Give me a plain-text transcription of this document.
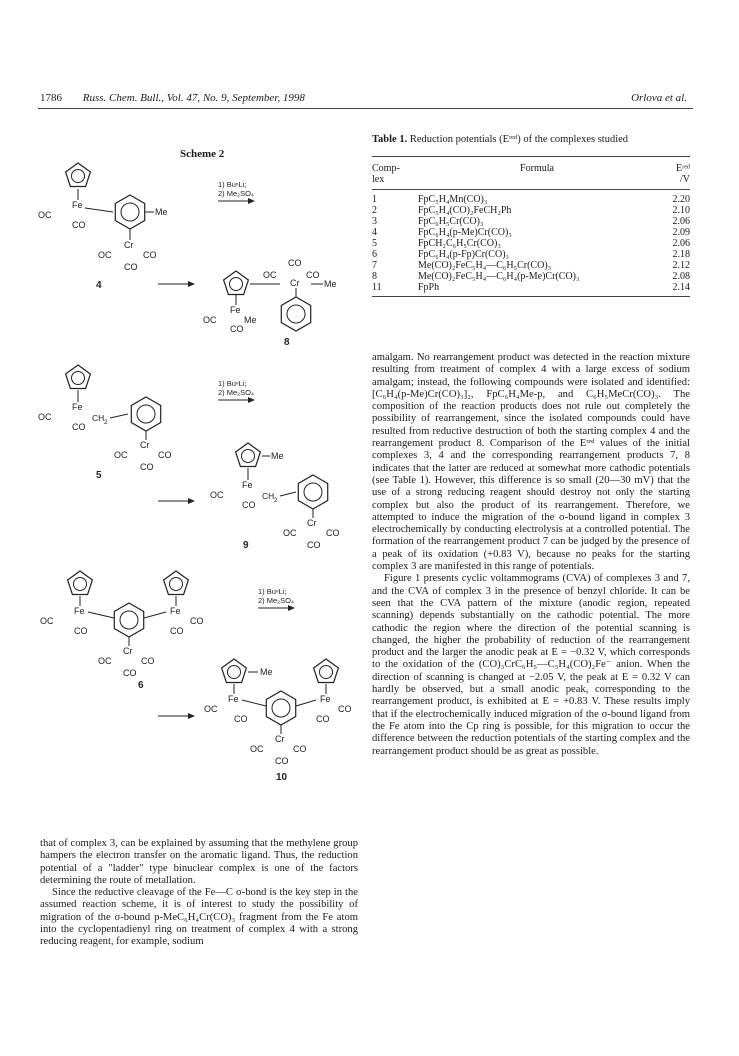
1786 Russ. Chem. Bull., Vol. 47, No. 9, September, 1998	Orlova et al.
Scheme 2
Fe
OC
CO
Me
Cr
OC	CO
CO
1) BuⁿLi;
2) Me₂SO₄
4
CO
OC	CO
Cr	Me
Fe
OC	Me
CO
8
Fe
OC
CO
CH 2
Cr
OC	CO
CO
1) BuⁿLi;
2) Me₂SO₄
5
Me
Fe
OC
CO
CH 2
Cr
OC	CO
CO
9
Fe	Fe
OC
CO
CO
CO
Cr
OC	CO
CO
1) BuⁿLi;
2) Me₂SO₄
6
Me
Fe	Fe
OC
CO
CO
CO
Cr
OC	CO
CO
10
Table 1. Reduction potentials (Eʳᵉᵈ) of the complexes studied
Comp-
lex	Formula	Eʳᵉᵈ
/V

1	FpC₅H₄Mn(CO)₃	2.20
2	FpC₅H₄(CO)₂FeCH₂Ph	2.10
3	FpC₆H₅Cr(CO)₃	2.06
4	FpC₆H₄(p-Me)Cr(CO)₃	2.09
5	FpCH₂C₆H₅Cr(CO)₃	2.06
6	FpC₆H₄(p-Fp)Cr(CO)₃	2.18
7	Me(CO)₂FeC₅H₄—C₆H₅Cr(CO)₃	2.12
8	Me(CO)₂FeC₅H₄—C₆H₄(p-Me)Cr(CO)₃	2.08
11	FpPh	2.14

amalgam. No rearrangement product was detected in the reaction mixture resulting from treatment of complex 4 with a large excess of sodium amalgam; instead, the following compounds were isolated and identified: [C₆H₄(p-Me)Cr(CO)₃]₂, FpC₆H₄Me-p, and C₆H₅MeCr(CO)₃. The composition of the reaction products does not rule out completely the possibility of rearrangement, since the isolated compounds could have resulted from reductive destruction of both the starting complex 4 and the rearrangement product 8. Comparison of the Eʳᵉᵈ values of the initial complexes 3, 4 and the corresponding rearrangement products 7, 8 indicates that the latter are reduced at somewhat more cathodic potentials (see Table 1). However, this difference is so small (20—30 mV) that the use of a strong reducing reagent should destroy not only the starting complex but also the product of its rearrangement. Therefore, we attempted to induce the migration of the σ-bound ligand in complex 3 electrochemically by conducting electrolysis at a controlled potential. The formation of the rearrangement product 7 can be judged by the presence of a peak of its oxidation (+0.83 V), because no peaks for the starting complex 3 are manifested in this range of potentials.

Figure 1 presents cyclic voltammograms (CVA) of complexes 3 and 7, and the CVA of complex 3 in the presence of benzyl chloride. It can be seen that the CVA pattern of the mixture (anodic region, repeated scanning) depends substantially on the cathodic potential. The more cathodic the region where the direction of the potential scanning is changed, the higher the probability of reduction of the rearrangement product and the larger the anodic peak at E = −0.32 V, which corresponds to the oxidation of the (CO)₃CrC₆H₅—C₅H₄(CO)₂Fe⁻ anion. When the direction of scanning is changed at −2.05 V, the peak at E = 0.32 V can hardly be observed, but a small anodic peak, corresponding to the rearrangement product, is exhibited at E = +0.83 V. These results imply that if the electrochemically induced migration of the σ-bound ligand from the Fe atom into the Cp ring is possible, for this migration to occur the difference between the reduction potentials of the starting complex and the rearrangement product should be as great as possible.

that of complex 3, can be explained by assuming that the methylene group hampers the electron transfer on the aromatic ligand. Thus, the reduction potential of a "ladder" type binuclear complex is one of the factors determining the route of metallation.

Since the reductive cleavage of the Fe—C σ-bond is the key step in the assumed reaction scheme, it is of interest to study the possibility of migration of the σ-bound p-MeC₆H₄Cr(CO)₃ fragment from the Fe atom into the cyclopentadienyl ring on treatment of complex 4 with a strong reducing reagent, for example, sodium
